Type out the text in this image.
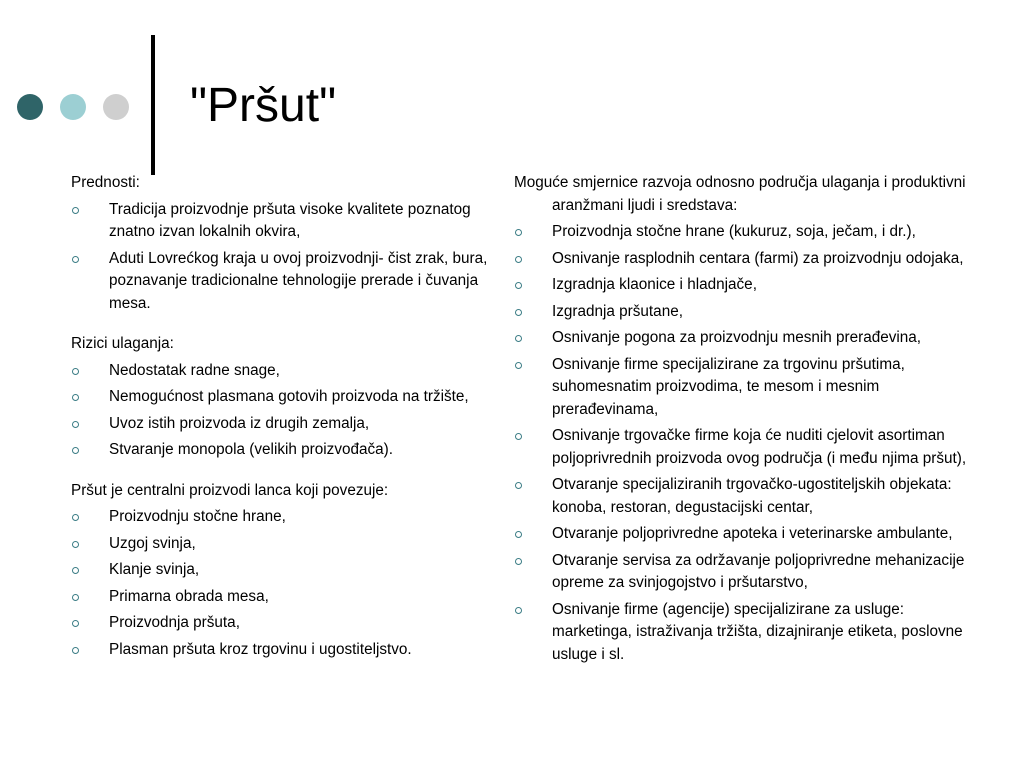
"Pršut"

Prednosti:

Tradicija proizvodnje pršuta visoke kvalitete poznatog znatno izvan lokalnih okvira,
Aduti Lovrećkog kraja u ovoj proizvodnji- čist zrak, bura, poznavanje tradicionalne tehnologije prerade i čuvanja mesa.

Rizici ulaganja:

Nedostatak radne snage,
Nemogućnost plasmana gotovih proizvoda na tržište,
Uvoz istih proizvoda iz drugih zemalja,
Stvaranje monopola (velikih proizvođača).

Pršut je centralni proizvodi lanca koji povezuje:

Proizvodnju stočne hrane,
Uzgoj svinja,
Klanje svinja,
Primarna obrada mesa,
Proizvodnja pršuta,
Plasman pršuta kroz trgovinu i ugostiteljstvo.

Moguće smjernice razvoja odnosno područja ulaganja i produktivni aranžmani ljudi i sredstava:

Proizvodnja stočne hrane (kukuruz, soja, ječam, i dr.),
Osnivanje rasplodnih centara (farmi) za proizvodnju odojaka,
Izgradnja klaonice i hladnjače,
Izgradnja pršutane,
Osnivanje pogona za proizvodnju mesnih prerađevina,
Osnivanje firme specijalizirane za trgovinu pršutima, suhomesnatim proizvodima, te mesom i mesnim prerađevinama,
Osnivanje trgovačke firme koja će nuditi cjelovit asortiman poljoprivrednih proizvoda ovog područja (i među njima pršut),
Otvaranje specijaliziranih trgovačko-ugostiteljskih objekata: konoba, restoran, degustacijski centar,
Otvaranje poljoprivredne apoteka i veterinarske ambulante,
Otvaranje servisa za održavanje poljoprivredne mehanizacije opreme za svinjogojstvo i pršutarstvo,
Osnivanje firme (agencije) specijalizirane za usluge: marketinga, istraživanja tržišta, dizajniranje etiketa, poslovne usluge i sl.
